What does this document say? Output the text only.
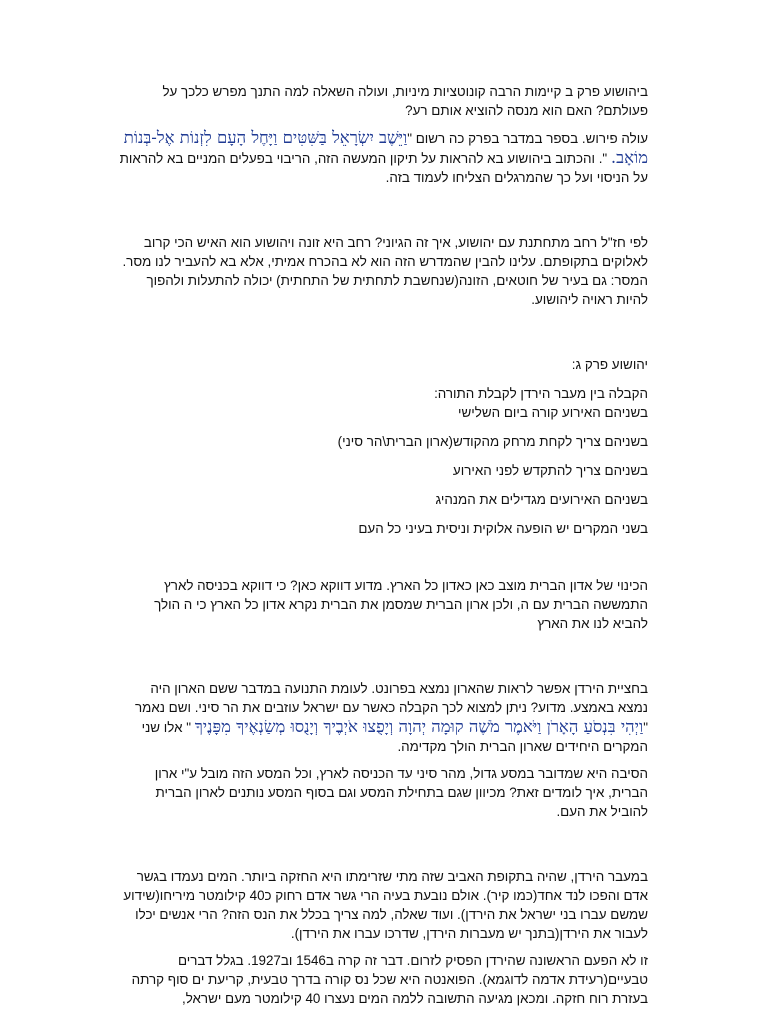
ביהושוע פרק ב קיימות הרבה קונוטציות מיניות, ועולה השאלה למה התנך מפרש כלכך על פעולתם? האם הוא מנסה להוציא אותם רע?

עולה פירוש. בספר במדבר בפרק כה רשום "וַיֵּשֶׁב יִשְׂרָאֵל בַּשִּׁטִּים וַיָּחֶל הָעָם לִזְנוֹת אֶל-בְּנוֹת מוֹאָב. ". והכתוב ביהושוע בא להראות על תיקון המעשה הזה, הריבוי בפעלים המניים בא להראות על הניסוי ועל כך שהמרגלים הצליחו לעמוד בזה.

לפי חז"ל רחב מתחתנת עם יהושוע, איך זה הגיוני? רחב היא זונה ויהושוע הוא האיש הכי קרוב לאלוקים בתקופתם. עלינו להבין שהמדרש הזה הוא לא בהכרח אמיתי, אלא בא להעביר לנו מסר. המסר: גם בעיר של חוטאים, הזונה(שנחשבת לתחתית של התחתית) יכולה להתעלות ולהפוך להיות ראויה ליהושוע.

יהושוע פרק ג:

הקבלה בין מעבר הירדן לקבלת התורה:

בשניהם האירוע קורה ביום השלישי

בשניהם צריך לקחת מרחק מהקודש(ארון הברית\הר סיני)

בשניהם צריך להתקדש לפני האירוע

בשניהם האירועים מגדילים את המנהיג

בשני המקרים יש הופעה אלוקית וניסית בעיני כל העם

הכינוי של אדון הברית מוצב כאן כאדון כל הארץ. מדוע דווקא כאן? כי דווקא בכניסה לארץ התמששה הברית עם ה, ולכן ארון הברית שמסמן את הברית נקרא אדון כל הארץ כי ה הולך להביא לנו את הארץ

בחציית הירדן אפשר לראות שהארון נמצא בפרונט. לעומת התנועה במדבר ששם הארון היה נמצא באמצע. מדוע? ניתן למצוא לכך הקבלה כאשר עם ישראל עוזבים את הר סיני. ושם נאמר "וַיְהִי בִּנְסֹעַ הָאָרֹן וַיֹּאמֶר מֹשֶׁה קוּמָה יְהוָה וְיָפֻצוּ אֹיְבֶיךָ וְיָנֻסוּ מְשַׂנְאֶיךָ מִפָּנֶיךָ " אלו שני המקרים היחידים שארון הברית הולך מקדימה.

הסיבה היא שמדובר במסע גדול, מהר סיני עד הכניסה לארץ, וכל המסע הזה מובל ע"י ארון הברית, איך לומדים זאת? מכיוון שגם בתחילת המסע וגם בסוף המסע נותנים לארון הברית להוביל את העם.

במעבר הירדן, שהיה בתקופת האביב שזה מתי שזרימתו היא החזקה ביותר. המים נעמדו בגשר אדם והפכו לנד אחד(כמו קיר). אולם נובעת בעיה הרי גשר אדם רחוק כ40 קילומטר מיריחו(שידוע שמשם עברו בני ישראל את הירדן). ועוד שאלה, למה צריך בכלל את הנס הזה? הרי אנשים יכלו לעבור את הירדן(בתנך יש מעברות הירדן, שדרכו עברו את הירדן).

זו לא הפעם הראשונה שהירדן הפסיק לזרום. דבר זה קרה ב1546 וב1927. בגלל דברים טבעיים(רעידת אדמה לדוגמא). הפואנטה היא שכל נס קורה בדרך טבעית, קריעת ים סוף קרתה בעזרת רוח חזקה. ומכאן מגיעה התשובה ללמה המים נעצרו 40 קילומטר מעם ישראל,
